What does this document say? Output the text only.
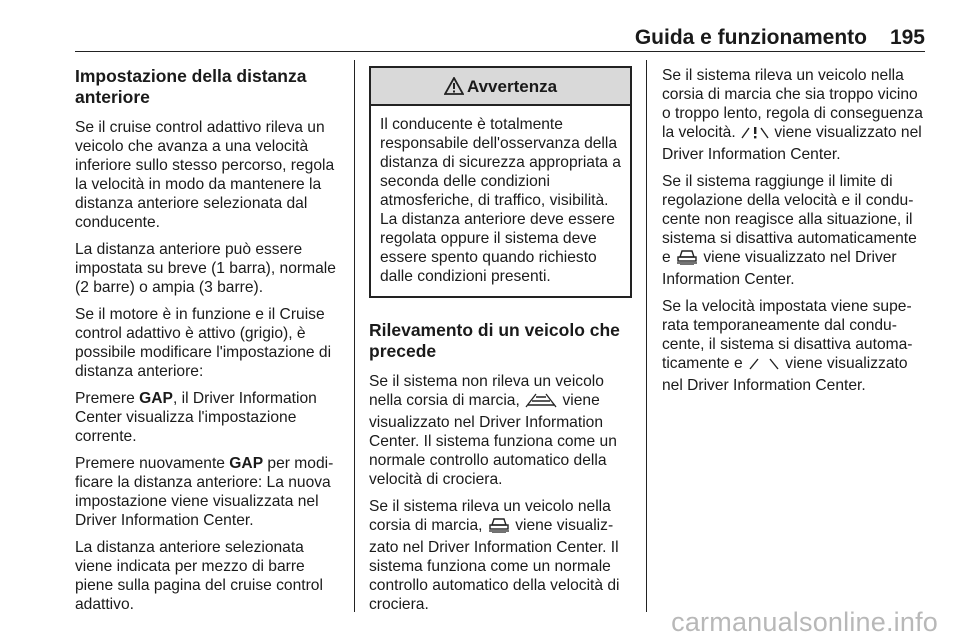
Guida e funzionamento 195
Impostazione della distanza anteriore

Se il cruise control adattivo rileva un veicolo che avanza a una velocità inferiore sullo stesso percorso, regola la velocità in modo da mantenere la distanza anteriore selezionata dal conducente.

La distanza anteriore può essere impostata su breve (1 barra), normale (2 barre) o ampia (3 barre).

Se il motore è in funzione e il Cruise control adattivo è attivo (grigio), è possibile modificare l'impostazione di distanza anteriore:

Premere GAP, il Driver Information Center visualizza l'impostazione corrente.

Premere nuovamente GAP per modificare la distanza anteriore: La nuova impostazione viene visualizzata nel Driver Information Center.

La distanza anteriore selezionata viene indicata per mezzo di barre piene sulla pagina del cruise control adattivo.

Avvertenza
Il conducente è totalmente responsabile dell'osservanza della distanza di sicurezza appropriata a seconda delle condizioni atmosferiche, di traffico, visibilità. La distanza anteriore deve essere regolata oppure il sistema deve essere spento quando richiesto dalle condizioni presenti.
Rilevamento di un veicolo che precede

Se il sistema non rileva un veicolo nella corsia di marcia,  viene visualizzato nel Driver Information Center. Il sistema funziona come un normale controllo automatico della velocità di crociera.

Se il sistema rileva un veicolo nella corsia di marcia,  viene visualizzato nel Driver Information Center. Il sistema funziona come un normale controllo automatico della velocità di crociera.

Se il sistema rileva un veicolo nella corsia di marcia che sia troppo vicino o troppo lento, regola di conseguenza la velocità.  viene visualizzato nel Driver Information Center.

Se il sistema raggiunge il limite di regolazione della velocità e il conducente non reagisce alla situazione, il sistema si disattiva automaticamente e  viene visualizzato nel Driver Information Center.

Se la velocità impostata viene superata temporaneamente dal conducente, il sistema si disattiva automaticamente e  viene visualizzato nel Driver Information Center.

carmanualsonline.info
